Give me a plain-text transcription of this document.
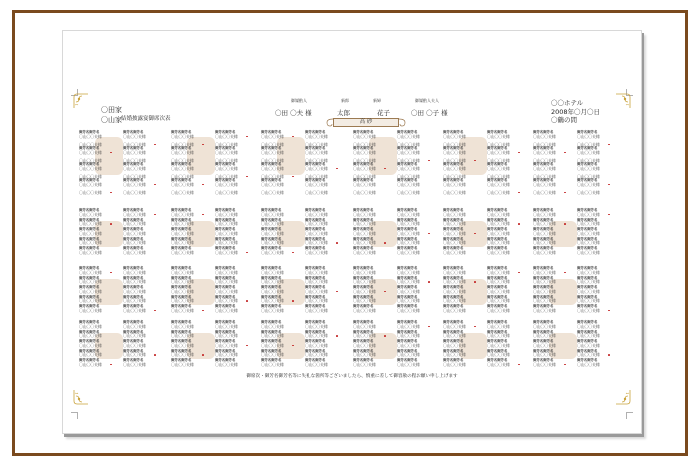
〇田家
〇山家 結婚披露宴御席次表
〇〇ホテル
2008年〇月〇日
〇鶴の間
御媒酌人	新郎	新婦	御媒酌人夫人
〇田 〇夫 様	太郎	花子	〇田 〇子 様
高 砂
御芳名御芳名
〇山〇〇夫様
〇山〇〇夫様
御芳名御芳名
〇山〇〇夫様
〇山〇〇夫様
御芳名御芳名
〇山〇〇夫様
〇山〇〇夫様
御芳名御芳名
〇山〇〇夫様
〇山〇〇夫様
御芳名御芳名
〇山〇〇夫様
〇山〇〇夫様
御芳名御芳名
〇山〇〇夫様
〇山〇〇夫様
御芳名御芳名
〇山〇〇夫様
〇山〇〇夫様
御芳名御芳名
〇山〇〇夫様
〇山〇〇夫様
御芳名御芳名
〇山〇〇夫様
〇山〇〇夫様
御芳名御芳名
〇山〇〇夫様
〇山〇〇夫様
御芳名御芳名
〇山〇〇夫様
〇山〇〇夫様
御芳名御芳名
〇山〇〇夫様
〇山〇〇夫様
御芳名御芳名
〇山〇〇夫様
〇山〇〇夫様
御芳名御芳名
〇山〇〇夫様
〇山〇〇夫様
御芳名御芳名
〇山〇〇夫様
〇山〇〇夫様
御芳名御芳名
〇山〇〇夫様
〇山〇〇夫様
御芳名御芳名
〇山〇〇夫様
〇山〇〇夫様
御芳名御芳名
〇山〇〇夫様
〇山〇〇夫様
御芳名御芳名
〇山〇〇夫様
〇山〇〇夫様
御芳名御芳名
〇山〇〇夫様
〇山〇〇夫様
御芳名御芳名
〇山〇〇夫様
〇山〇〇夫様
御芳名御芳名
〇山〇〇夫様
〇山〇〇夫様
御芳名御芳名
〇山〇〇夫様
〇山〇〇夫様
御芳名御芳名
〇山〇〇夫様
〇山〇〇夫様
御芳名御芳名
〇山〇〇夫様
〇山〇〇夫様
御芳名御芳名
〇山〇〇夫様
〇山〇〇夫様
御芳名御芳名
〇山〇〇夫様
〇山〇〇夫様
御芳名御芳名
〇山〇〇夫様
〇山〇〇夫様
御芳名御芳名
〇山〇〇夫様
〇山〇〇夫様
御芳名御芳名
〇山〇〇夫様
〇山〇〇夫様
御芳名御芳名
〇山〇〇夫様
〇山〇〇夫様
御芳名御芳名
〇山〇〇夫様
〇山〇〇夫様
御芳名御芳名
〇山〇〇夫様
〇山〇〇夫様
御芳名御芳名
〇山〇〇夫様
〇山〇〇夫様
御芳名御芳名
〇山〇〇夫様
〇山〇〇夫様
御芳名御芳名
〇山〇〇夫様
〇山〇〇夫様
御芳名御芳名
〇山〇〇夫様
〇山〇〇夫様
御芳名御芳名
〇山〇〇夫様
〇山〇〇夫様
御芳名御芳名
〇山〇〇夫様
〇山〇〇夫様
御芳名御芳名
〇山〇〇夫様
〇山〇〇夫様
御芳名御芳名
〇山〇〇夫様
〇山〇〇夫様
御芳名御芳名
〇山〇〇夫様
〇山〇〇夫様
御芳名御芳名
〇山〇〇夫様
〇山〇〇夫様
御芳名御芳名
〇山〇〇夫様
〇山〇〇夫様
御芳名御芳名
〇山〇〇夫様
〇山〇〇夫様
御芳名御芳名
〇山〇〇夫様
〇山〇〇夫様
御芳名御芳名
〇山〇〇夫様
〇山〇〇夫様
御芳名御芳名
〇山〇〇夫様
〇山〇〇夫様
御芳名御芳名
〇山〇〇夫様
御芳名御芳名
〇山〇〇夫様
御芳名御芳名
〇山〇〇夫様
御芳名御芳名
〇山〇〇夫様
御芳名御芳名
〇山〇〇夫様
御芳名御芳名
〇山〇〇夫様
御芳名御芳名
〇山〇〇夫様
御芳名御芳名
〇山〇〇夫様
御芳名御芳名
〇山〇〇夫様
御芳名御芳名
〇山〇〇夫様
御芳名御芳名
〇山〇〇夫様
御芳名御芳名
〇山〇〇夫様
御芳名御芳名
〇山〇〇夫様
御芳名御芳名
〇山〇〇夫様
御芳名御芳名
〇山〇〇夫様
御芳名御芳名
〇山〇〇夫様
御芳名御芳名
〇山〇〇夫様
御芳名御芳名
〇山〇〇夫様
御芳名御芳名
〇山〇〇夫様
御芳名御芳名
〇山〇〇夫様
御芳名御芳名
〇山〇〇夫様
御芳名御芳名
〇山〇〇夫様
御芳名御芳名
〇山〇〇夫様
御芳名御芳名
〇山〇〇夫様
御芳名御芳名
〇山〇〇夫様
御芳名御芳名
〇山〇〇夫様
御芳名御芳名
〇山〇〇夫様
御芳名御芳名
〇山〇〇夫様
御芳名御芳名
〇山〇〇夫様
御芳名御芳名
〇山〇〇夫様
御芳名御芳名
〇山〇〇夫様
御芳名御芳名
〇山〇〇夫様
御芳名御芳名
〇山〇〇夫様
御芳名御芳名
〇山〇〇夫様
御芳名御芳名
〇山〇〇夫様
御芳名御芳名
〇山〇〇夫様
御芳名御芳名
〇山〇〇夫様
御芳名御芳名
〇山〇〇夫様
御芳名御芳名
〇山〇〇夫様
御芳名御芳名
〇山〇〇夫様
御芳名御芳名
〇山〇〇夫様
御芳名御芳名
〇山〇〇夫様
御芳名御芳名
〇山〇〇夫様
御芳名御芳名
〇山〇〇夫様
御芳名御芳名
〇山〇〇夫様
御芳名御芳名
〇山〇〇夫様
御芳名御芳名
〇山〇〇夫様
御芳名御芳名
〇山〇〇夫様
御芳名御芳名
〇山〇〇夫様
御芳名御芳名
〇山〇〇夫様
御芳名御芳名
〇山〇〇夫様
御芳名御芳名
〇山〇〇夫様
御芳名御芳名
〇山〇〇夫様
御芳名御芳名
〇山〇〇夫様
御芳名御芳名
〇山〇〇夫様
御芳名御芳名
〇山〇〇夫様
御芳名御芳名
〇山〇〇夫様
御芳名御芳名
〇山〇〇夫様
御芳名御芳名
〇山〇〇夫様
御芳名御芳名
〇山〇〇夫様
御芳名御芳名
〇山〇〇夫様
御芳名御芳名
〇山〇〇夫様
御芳名御芳名
〇山〇〇夫様
御芳名御芳名
〇山〇〇夫様
御芳名御芳名
〇山〇〇夫様
御芳名御芳名
〇山〇〇夫様
御芳名御芳名
〇山〇〇夫様
御芳名御芳名
〇山〇〇夫様
御芳名御芳名
〇山〇〇夫様
御芳名御芳名
〇山〇〇夫様
御芳名御芳名
〇山〇〇夫様
御芳名御芳名
〇山〇〇夫様
御芳名御芳名
〇山〇〇夫様
御芳名御芳名
〇山〇〇夫様
御芳名御芳名
〇山〇〇夫様
御芳名御芳名
〇山〇〇夫様
御芳名御芳名
〇山〇〇夫様
御芳名御芳名
〇山〇〇夫様
御芳名御芳名
〇山〇〇夫様
御芳名御芳名
〇山〇〇夫様
御芳名御芳名
〇山〇〇夫様
御芳名御芳名
〇山〇〇夫様
御芳名御芳名
〇山〇〇夫様
御芳名御芳名
〇山〇〇夫様
御芳名御芳名
〇山〇〇夫様
御芳名御芳名
〇山〇〇夫様
御芳名御芳名
〇山〇〇夫様
御芳名御芳名
〇山〇〇夫様
御芳名御芳名
〇山〇〇夫様
御芳名御芳名
〇山〇〇夫様
御芳名御芳名
〇山〇〇夫様
御芳名御芳名
〇山〇〇夫様
御芳名御芳名
〇山〇〇夫様
御芳名御芳名
〇山〇〇夫様
御芳名御芳名
〇山〇〇夫様
御芳名御芳名
〇山〇〇夫様
御芳名御芳名
〇山〇〇夫様
御芳名御芳名
〇山〇〇夫様
御芳名御芳名
〇山〇〇夫様
御芳名御芳名
〇山〇〇夫様
御芳名御芳名
〇山〇〇夫様
御芳名御芳名
〇山〇〇夫様
御芳名御芳名
〇山〇〇夫様
御芳名御芳名
〇山〇〇夫様
御芳名御芳名
〇山〇〇夫様
御芳名御芳名
〇山〇〇夫様
御芳名御芳名
〇山〇〇夫様
御芳名御芳名
〇山〇〇夫様
御芳名御芳名
〇山〇〇夫様
御芳名御芳名
〇山〇〇夫様
御芳名御芳名
〇山〇〇夫様
御芳名御芳名
〇山〇〇夫様
御芳名御芳名
〇山〇〇夫様
御芳名御芳名
〇山〇〇夫様
御芳名御芳名
〇山〇〇夫様
御芳名御芳名
〇山〇〇夫様
御芳名御芳名
〇山〇〇夫様
御芳名御芳名
〇山〇〇夫様
御芳名御芳名
〇山〇〇夫様
御芳名御芳名
〇山〇〇夫様
御芳名御芳名
〇山〇〇夫様
御芳名御芳名
〇山〇〇夫様
御芳名御芳名
〇山〇〇夫様
御芳名御芳名
〇山〇〇夫様
御芳名御芳名
〇山〇〇夫様
御芳名御芳名
〇山〇〇夫様
御芳名御芳名
〇山〇〇夫様
御芳名御芳名
〇山〇〇夫様
御芳名御芳名
〇山〇〇夫様
御芳名御芳名
〇山〇〇夫様
御芳名御芳名
〇山〇〇夫様
御芳名御芳名
〇山〇〇夫様
御芳名御芳名
〇山〇〇夫様
御芳名御芳名
〇山〇〇夫様
御芳名御芳名
〇山〇〇夫様
御芳名御芳名
〇山〇〇夫様
御芳名御芳名
〇山〇〇夫様
御芳名御芳名
〇山〇〇夫様
御芳名御芳名
〇山〇〇夫様
御芳名御芳名
〇山〇〇夫様
御芳名御芳名
〇山〇〇夫様
御芳名御芳名
〇山〇〇夫様
御芳名御芳名
〇山〇〇夫様
御芳名御芳名
〇山〇〇夫様
御芳名御芳名
〇山〇〇夫様
御芳名御芳名
〇山〇〇夫様
御芳名御芳名
〇山〇〇夫様
御芳名御芳名
〇山〇〇夫様
御芳名御芳名
〇山〇〇夫様
御芳名御芳名
〇山〇〇夫様
御芳名御芳名
〇山〇〇夫様
御芳名御芳名
〇山〇〇夫様
御芳名御芳名
〇山〇〇夫様
御芳名御芳名
〇山〇〇夫様
御芳名御芳名
〇山〇〇夫様
御芳名御芳名
〇山〇〇夫様
御芳名御芳名
〇山〇〇夫様
御芳名御芳名
〇山〇〇夫様
御芳名御芳名
〇山〇〇夫様
御芳名御芳名
〇山〇〇夫様
御芳名御芳名
〇山〇〇夫様
御芳名御芳名
〇山〇〇夫様
御芳名御芳名
〇山〇〇夫様
御芳名御芳名
〇山〇〇夫様
御芳名御芳名
〇山〇〇夫様
御芳名御芳名
〇山〇〇夫様
御芳名御芳名
〇山〇〇夫様
御芳名御芳名
〇山〇〇夫様
御芳名御芳名
〇山〇〇夫様
御芳名御芳名
〇山〇〇夫様
御芳名御芳名
〇山〇〇夫様
御芳名御芳名
〇山〇〇夫様
御芳名御芳名
〇山〇〇夫様
御芳名御芳名
〇山〇〇夫様
御芳名御芳名
〇山〇〇夫様
御芳名御芳名
〇山〇〇夫様
御芳名御芳名
〇山〇〇夫様
御芳名御芳名
〇山〇〇夫様
御芳名御芳名
〇山〇〇夫様
御芳名御芳名
〇山〇〇夫様
御席次・御芳名御芳名等に失礼な箇所等ございましたら、慎重に差して御容赦の程お願い申し上げます
